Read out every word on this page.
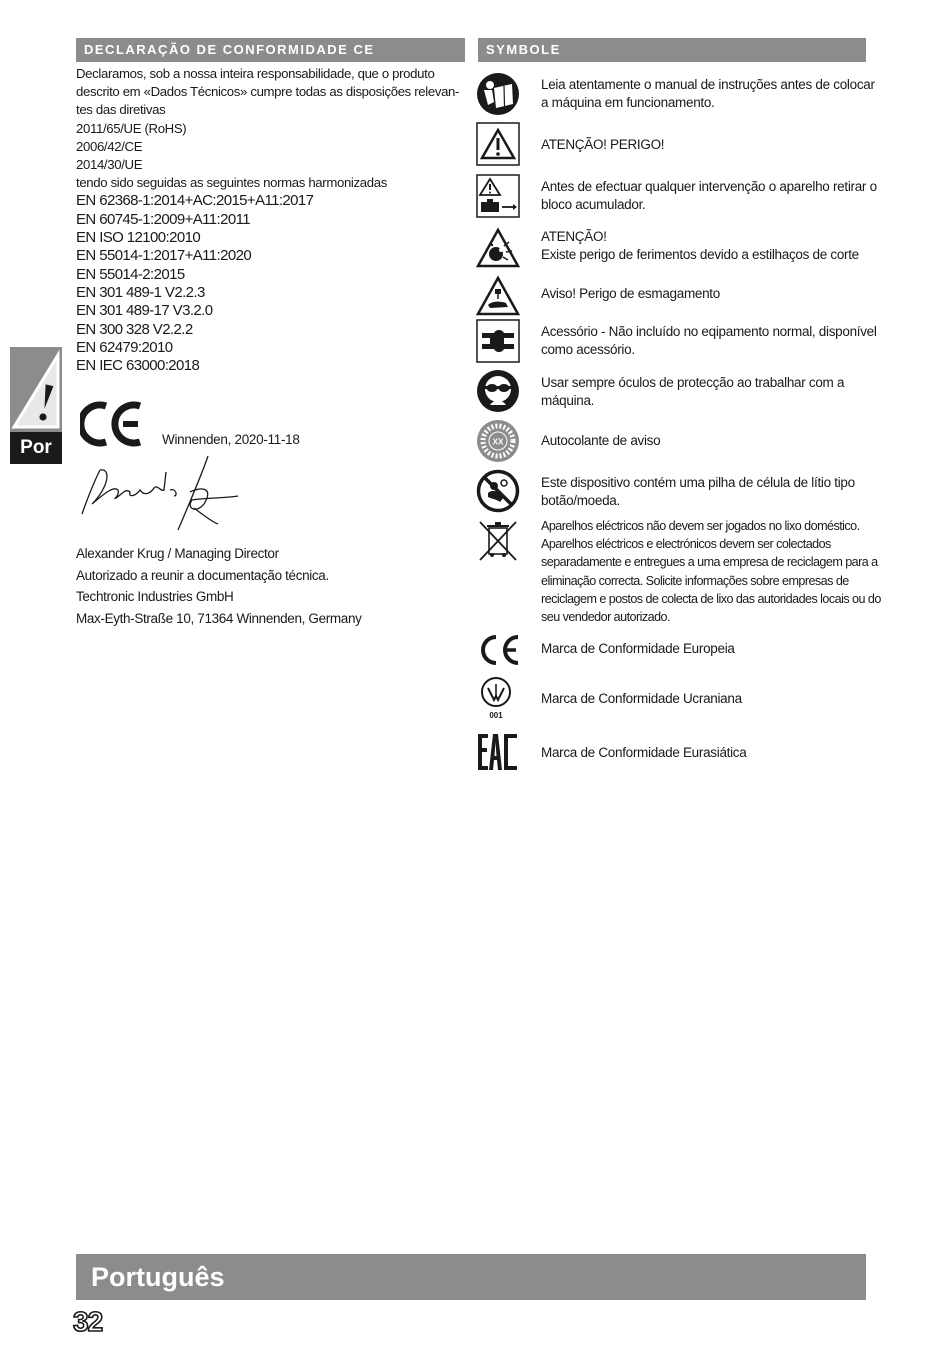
DECLARAÇÃO DE CONFORMIDADE CE	SYMBOLE
Por

Declaramos, sob a nossa inteira responsabilidade, que o produto descrito em «Dados Técnicos» cumpre todas as disposições relevan- tes das diretivas

2011/65/UE (RoHS)
2006/42/CE
2014/30/UE
tendo sido seguidas as seguintes normas harmonizadas
EN 62368-1:2014+AC:2015+A11:2017
EN 60745-1:2009+A11:2011
EN ISO 12100:2010
EN 55014-1:2017+A11:2020
EN 55014-2:2015
EN 301 489-1 V2.2.3
EN 301 489-17 V3.2.0
EN 300 328 V2.2.2
EN 62479:2010
EN IEC 63000:2018
Winnenden, 2020-11-18
Alexander Krug / Managing Director
Autorizado a reunir a documentação técnica.
Techtronic Industries GmbH
Max-Eyth-Straße 10, 71364 Winnenden, Germany
Leia atentamente o manual de instruções antes de colocar a máquina em funcionamento.
ATENÇÃO! PERIGO!
Antes de efectuar qualquer intervenção o aparelho retirar o bloco acumulador.
ATENÇÃO!
Existe perigo de ferimentos devido a estilhaços de corte
Aviso! Perigo de esmagamento
Acessório - Não incluído no eqipamento normal, disponível como acessório.
Usar sempre óculos de protecção ao trabalhar com a máquina.
XX	Autocolante de aviso
Este dispositivo contém uma pilha de célula de lítio tipo botão/moeda.
Aparelhos eléctricos não devem ser jogados no lixo doméstico. Aparelhos eléctricos e electrónicos devem ser colectados separadamente e entregues a uma empresa de reciclagem para a eliminação correcta. Solicite informações sobre empresas de reciclagem e postos de colecta de lixo das autoridades locais ou do seu vendedor autorizado.
Marca de Conformidade Europeia
001
Marca de Conformidade Ucraniana
Marca de Conformidade Eurasiática
Português
32
